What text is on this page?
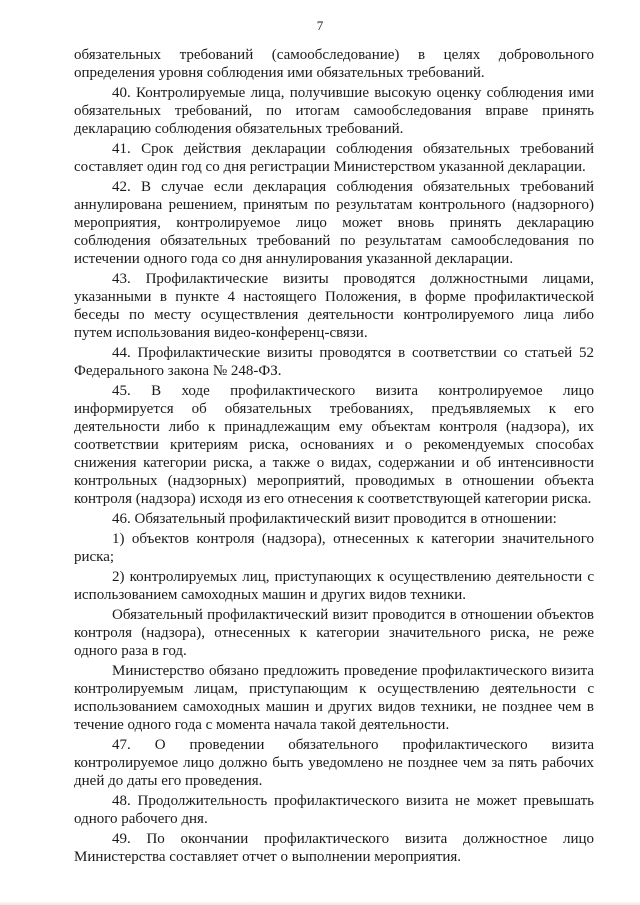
7

обязательных требований (самообследование) в целях добровольного определения уровня соблюдения ими обязательных требований.

40. Контролируемые лица, получившие высокую оценку соблюдения ими обязательных требований, по итогам самообследования вправе принять декларацию соблюдения обязательных требований.

41. Срок действия декларации соблюдения обязательных требований составляет один год со дня регистрации Министерством указанной декларации.

42. В случае если декларация соблюдения обязательных требований аннулирована решением, принятым по результатам контрольного (надзорного) мероприятия, контролируемое лицо может вновь принять декларацию соблюдения обязательных требований по результатам самообследования по истечении одного года со дня аннулирования указанной декларации.

43. Профилактические визиты проводятся должностными лицами, указанными в пункте 4 настоящего Положения, в форме профилактической беседы по месту осуществления деятельности контролируемого лица либо путем использования видео-конференц-связи.

44. Профилактические визиты проводятся в соответствии со статьей 52 Федерального закона № 248-ФЗ.

45. В ходе профилактического визита контролируемое лицо информируется об обязательных требованиях, предъявляемых к его деятельности либо к принадлежащим ему объектам контроля (надзора), их соответствии критериям риска, основаниях и о рекомендуемых способах снижения категории риска, а также о видах, содержании и об интенсивности контрольных (надзорных) мероприятий, проводимых в отношении объекта контроля (надзора) исходя из его отнесения к соответствующей категории риска.

46. Обязательный профилактический визит проводится в отношении:

1) объектов контроля (надзора), отнесенных к категории значительного риска;

2) контролируемых лиц, приступающих к осуществлению деятельности с использованием самоходных машин и других видов техники.

Обязательный профилактический визит проводится в отношении объектов контроля (надзора), отнесенных к категории значительного риска, не реже одного раза в год.

Министерство обязано предложить проведение профилактического визита контролируемым лицам, приступающим к осуществлению деятельности с использованием самоходных машин и других видов техники, не позднее чем в течение одного года с момента начала такой деятельности.

47. О проведении обязательного профилактического визита контролируемое лицо должно быть уведомлено не позднее чем за пять рабочих дней до даты его проведения.

48. Продолжительность профилактического визита не может превышать одного рабочего дня.

49. По окончании профилактического визита должностное лицо Министерства составляет отчет о выполнении мероприятия.
